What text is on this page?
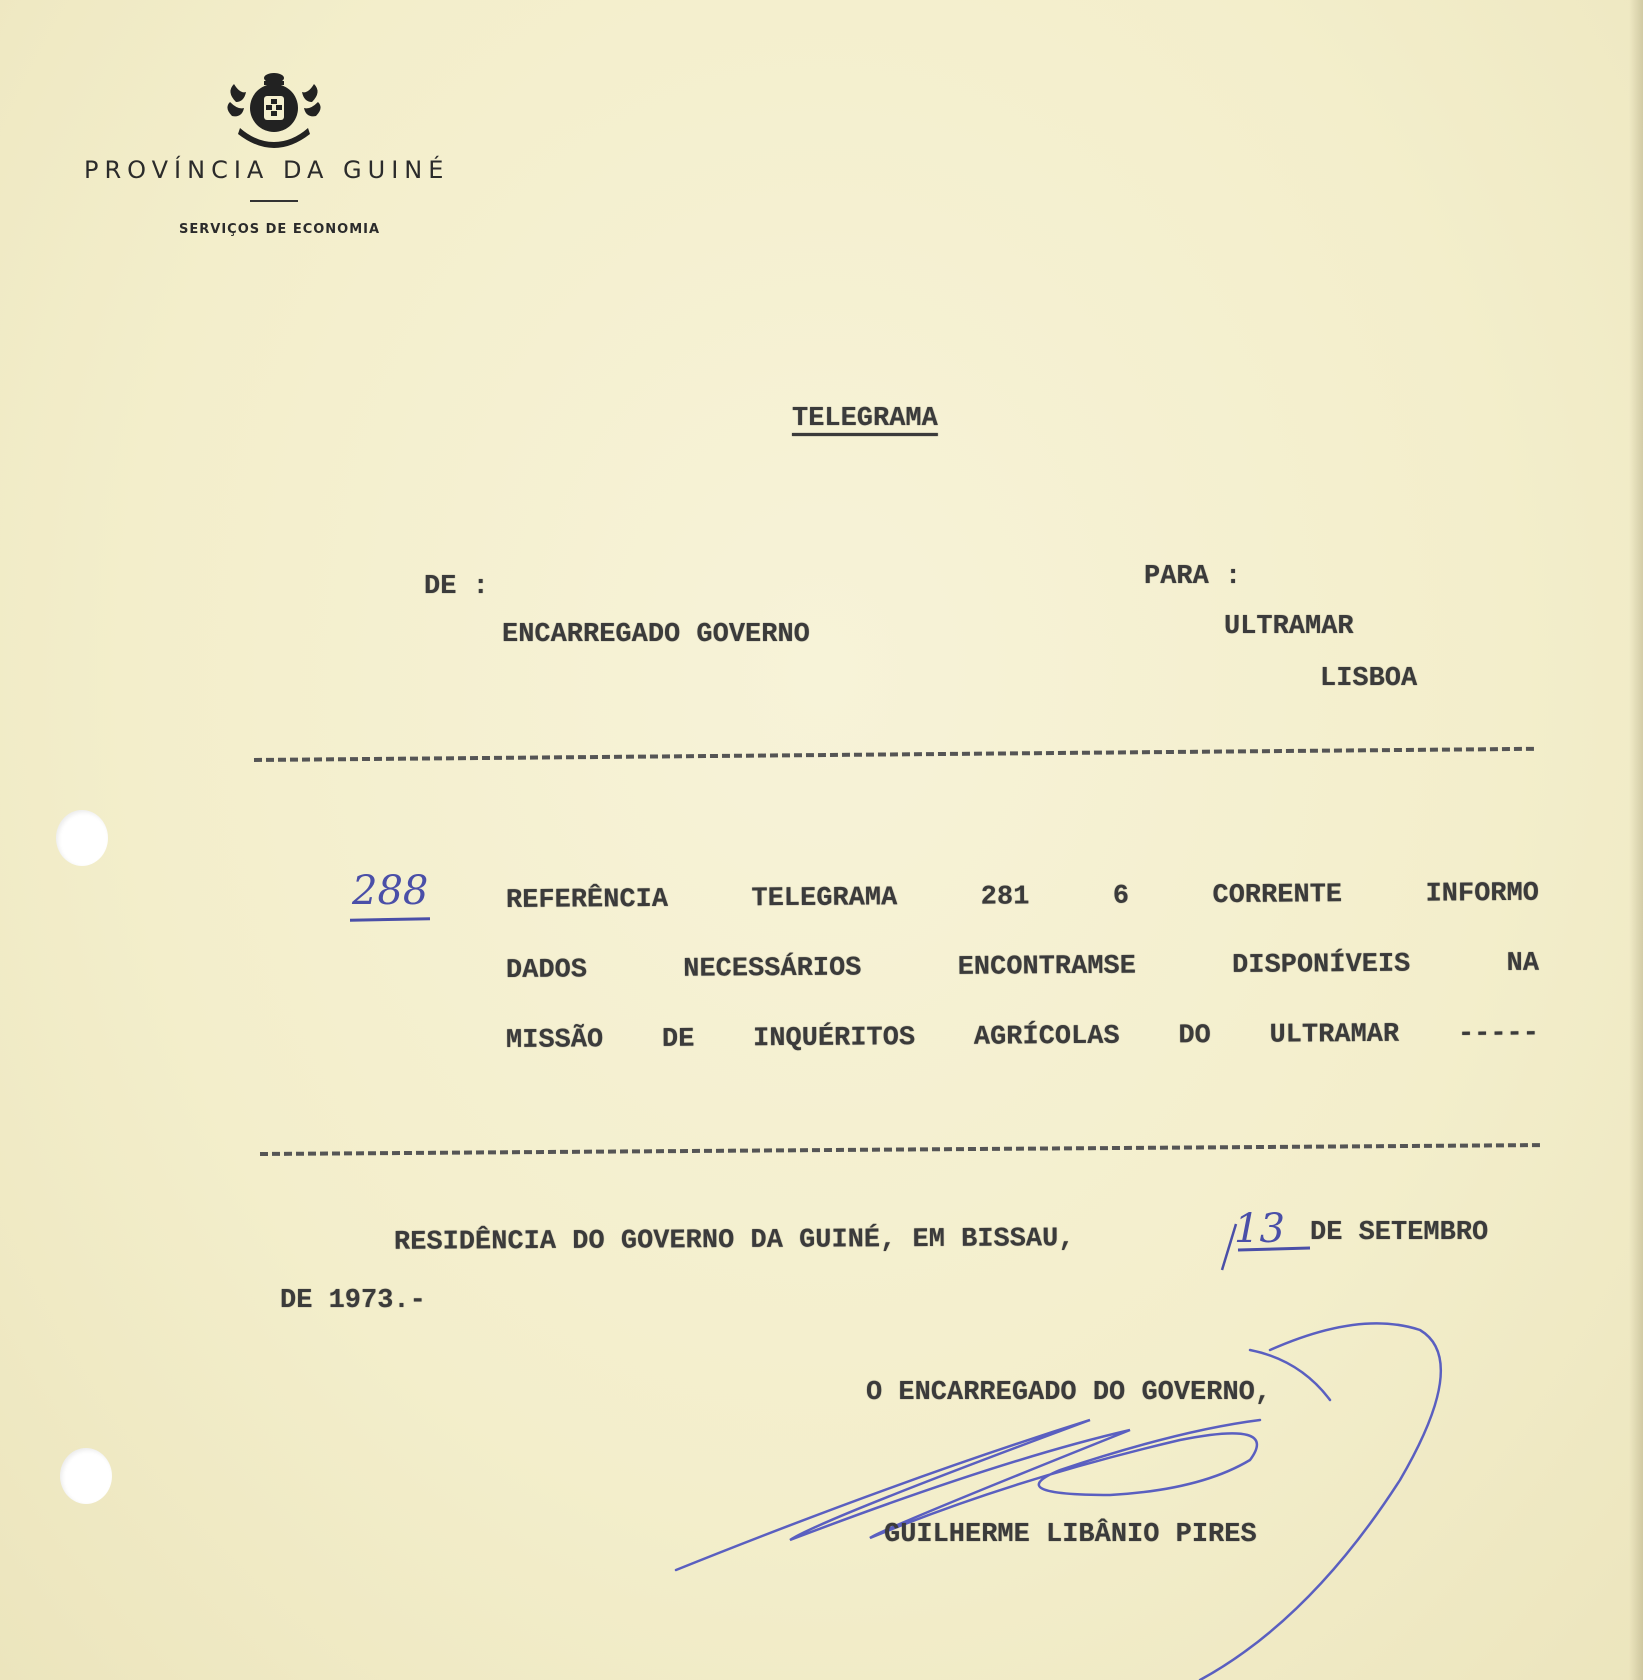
PROVÍNCIA DA GUINÉ
SERVIÇOS DE ECONOMIA
TELEGRAMA
DE :
ENCARREGADO GOVERNO
PARA :
ULTRAMAR
LISBOA
288	REFERÊNCIA	TELEGRAMA	281	6	CORRENTE	INFORMO
DADOS	NECESSÁRIOS	ENCONTRAMSE	DISPONÍVEIS	NA
MISSÃO DE INQUÉRITOS AGRÍCOLAS DO ULTRAMAR -----
RESIDÊNCIA DO GOVERNO DA GUINÉ, EM BISSAU,	13 DE SETEMBRO
DE 1973.-
O ENCARREGADO DO GOVERNO,
GUILHERME LIBÂNIO PIRES
